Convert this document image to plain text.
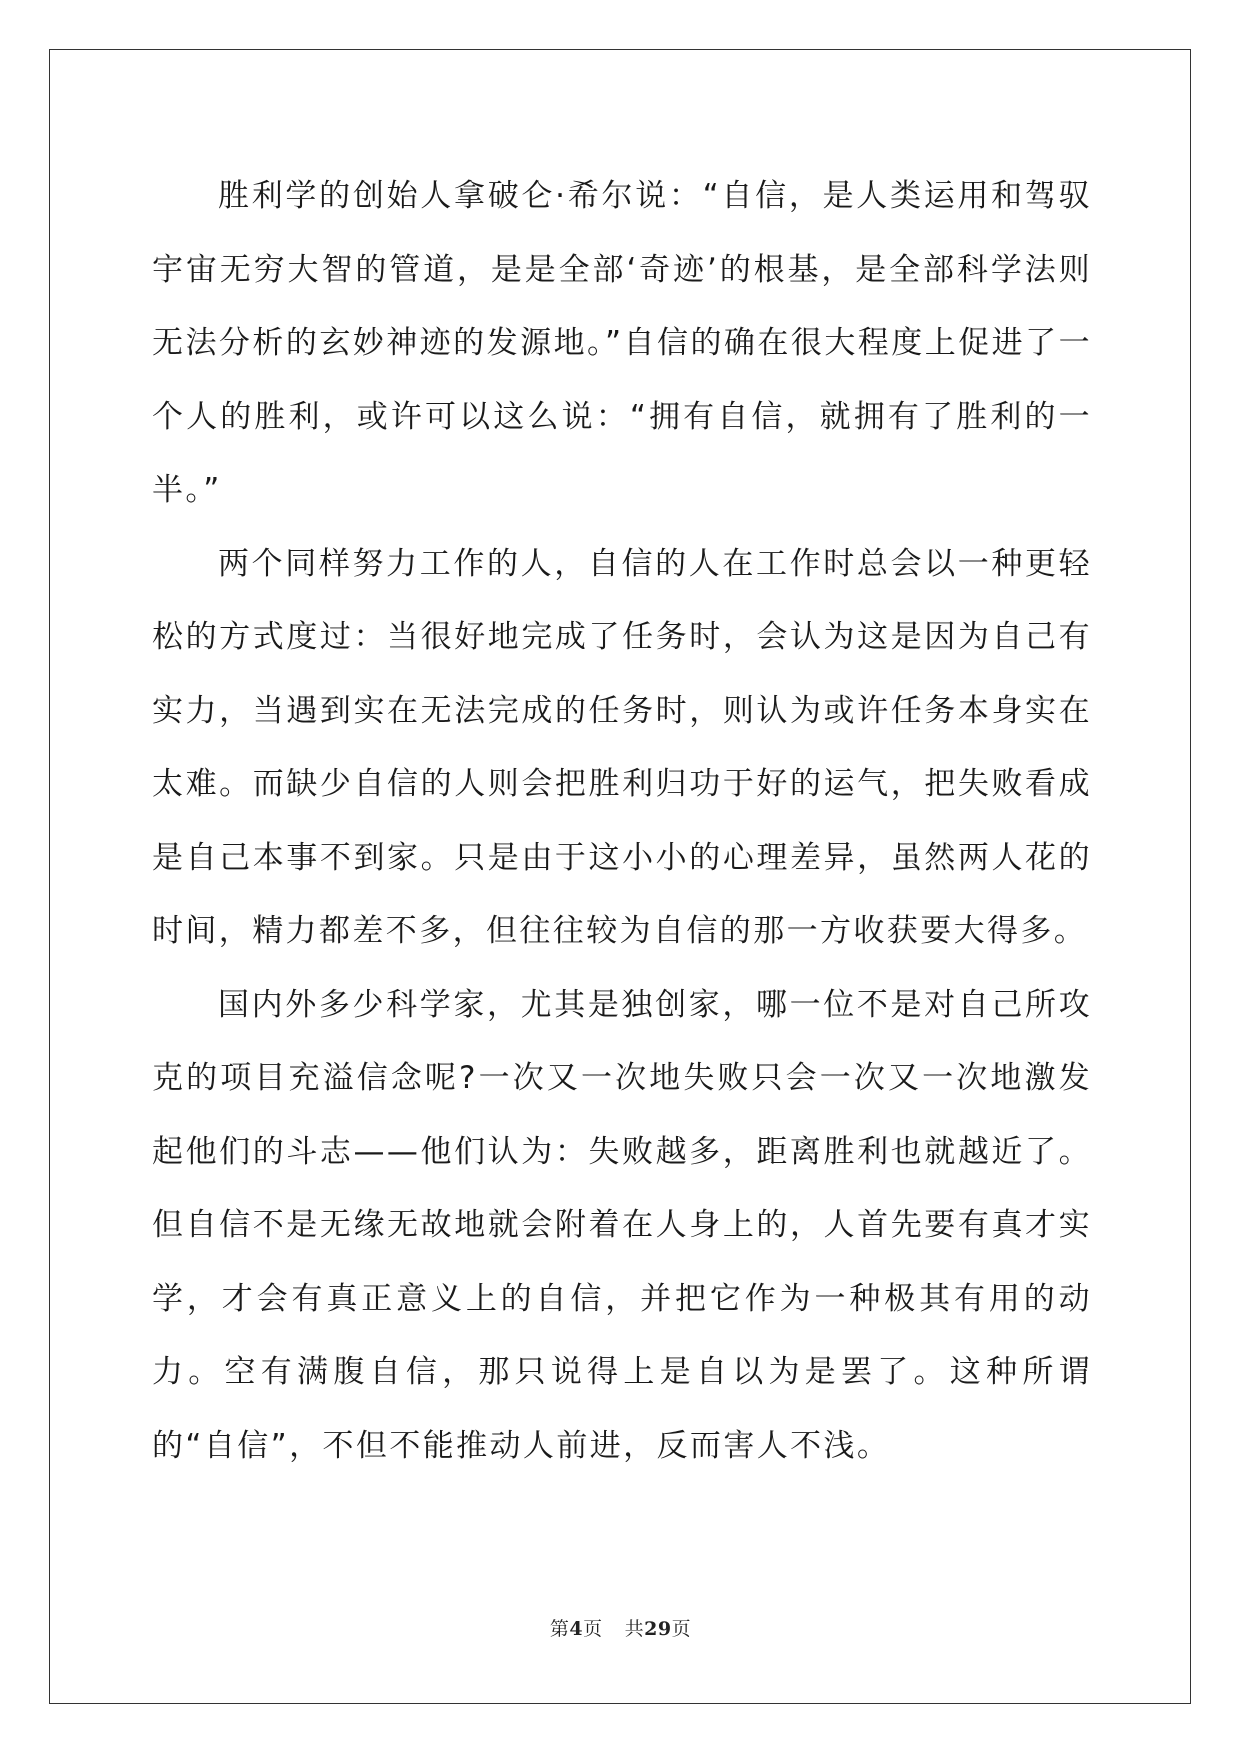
胜利学的创始人拿破仑·希尔说：“自信，是人类运用和驾驭宇宙无穷大智的管道，是是全部‘奇迹’的根基，是全部科学法则无法分析的玄妙神迹的发源地。”自信的确在很大程度上促进了一个人的胜利，或许可以这么说：“拥有自信，就拥有了胜利的一半。”

两个同样努力工作的人，自信的人在工作时总会以一种更轻松的方式度过：当很好地完成了任务时，会认为这是因为自己有实力，当遇到实在无法完成的任务时，则认为或许任务本身实在太难。而缺少自信的人则会把胜利归功于好的运气，把失败看成是自己本事不到家。只是由于这小小的心理差异，虽然两人花的时间，精力都差不多，但往往较为自信的那一方收获要大得多。

国内外多少科学家，尤其是独创家，哪一位不是对自己所攻克的项目充溢信念呢?一次又一次地失败只会一次又一次地激发起他们的斗志——他们认为：失败越多，距离胜利也就越近了。但自信不是无缘无故地就会附着在人身上的，人首先要有真才实学，才会有真正意义上的自信，并把它作为一种极其有用的动力。空有满腹自信，那只说得上是自以为是罢了。这种所谓的“自信”，不但不能推动人前进，反而害人不浅。

第4页 共29页
